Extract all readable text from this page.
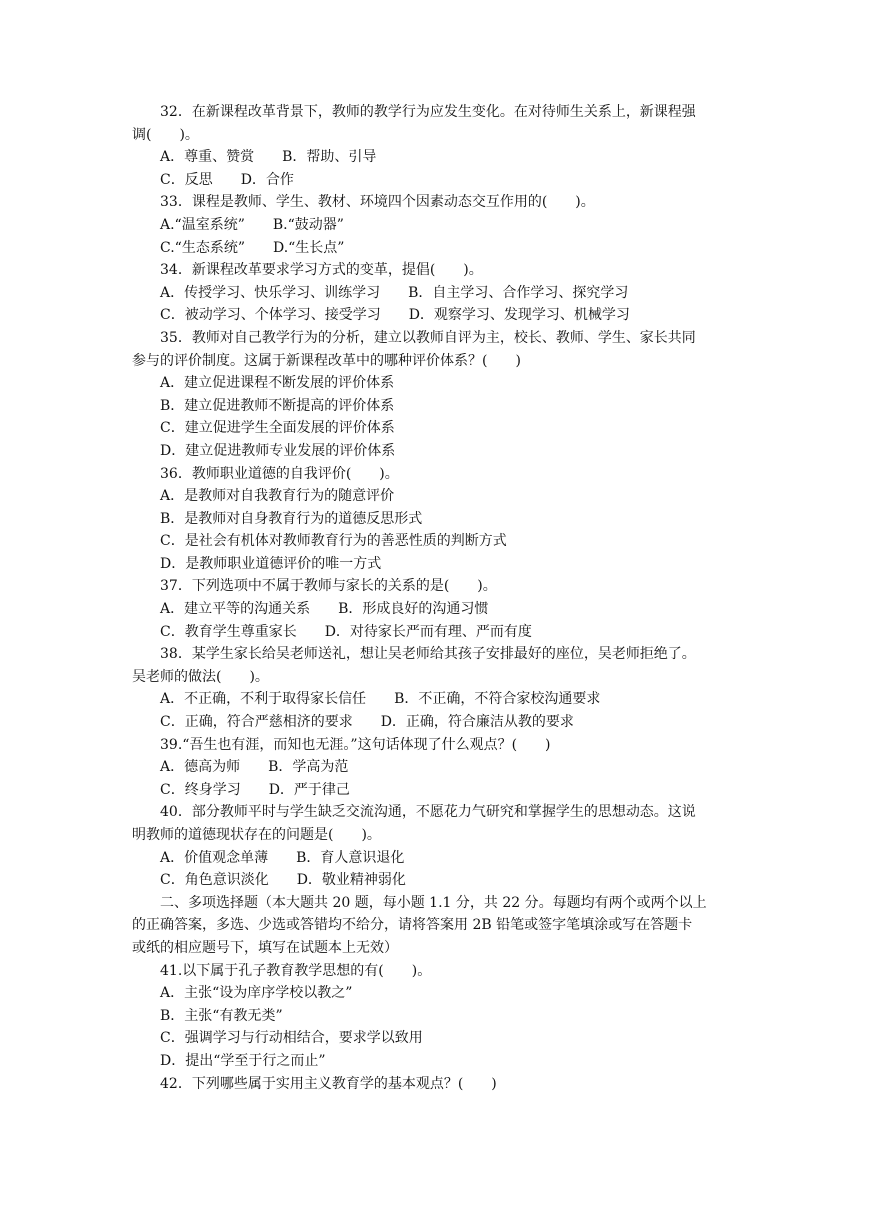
32．在新课程改革背景下，教师的教学行为应发生变化。在对待师生关系上，新课程强
调(　　)。
A．尊重、赞赏　　B．帮助、引导
C．反思　　D．合作
33．课程是教师、学生、教材、环境四个因素动态交互作用的(　　)。
A.“温室系统”　　B.“鼓动器”
C.“生态系统”　　D.“生长点”
34．新课程改革要求学习方式的变革，提倡(　　)。
A．传授学习、快乐学习、训练学习　　B．自主学习、合作学习、探究学习
C．被动学习、个体学习、接受学习　　D．观察学习、发现学习、机械学习
35．教师对自己教学行为的分析，建立以教师自评为主，校长、教师、学生、家长共同
参与的评价制度。这属于新课程改革中的哪种评价体系？(　　)
A．建立促进课程不断发展的评价体系
B．建立促进教师不断提高的评价体系
C．建立促进学生全面发展的评价体系
D．建立促进教师专业发展的评价体系
36．教师职业道德的自我评价(　　)。
A．是教师对自我教育行为的随意评价
B．是教师对自身教育行为的道德反思形式
C．是社会有机体对教师教育行为的善恶性质的判断方式
D．是教师职业道德评价的唯一方式
37．下列选项中不属于教师与家长的关系的是(　　)。
A．建立平等的沟通关系　　B．形成良好的沟通习惯
C．教育学生尊重家长　　D．对待家长严而有理、严而有度
38．某学生家长给吴老师送礼，想让吴老师给其孩子安排最好的座位，吴老师拒绝了。
吴老师的做法(　　)。
A．不正确，不利于取得家长信任　　B．不正确，不符合家校沟通要求
C．正确，符合严慈相济的要求　　D．正确，符合廉洁从教的要求
39.“吾生也有涯，而知也无涯。”这句话体现了什么观点？(　　)
A．德高为师　　B．学高为范
C．终身学习　　D．严于律己
40．部分教师平时与学生缺乏交流沟通，不愿花力气研究和掌握学生的思想动态。这说
明教师的道德现状存在的问题是(　　)。
A．价值观念单薄　　B．育人意识退化
C．角色意识淡化　　D．敬业精神弱化
二、多项选择题（本大题共 20 题，每小题 1.1 分，共 22 分。每题均有两个或两个以上
的正确答案，多选、少选或答错均不给分，请将答案用 2B 铅笔或签字笔填涂或写在答题卡
或纸的相应题号下，填写在试题本上无效）
41.以下属于孔子教育教学思想的有(　　)。
A．主张“设为庠序学校以教之”
B．主张“有教无类”
C．强调学习与行动相结合，要求学以致用
D．提出“学至于行之而止”
42．下列哪些属于实用主义教育学的基本观点？(　　)
